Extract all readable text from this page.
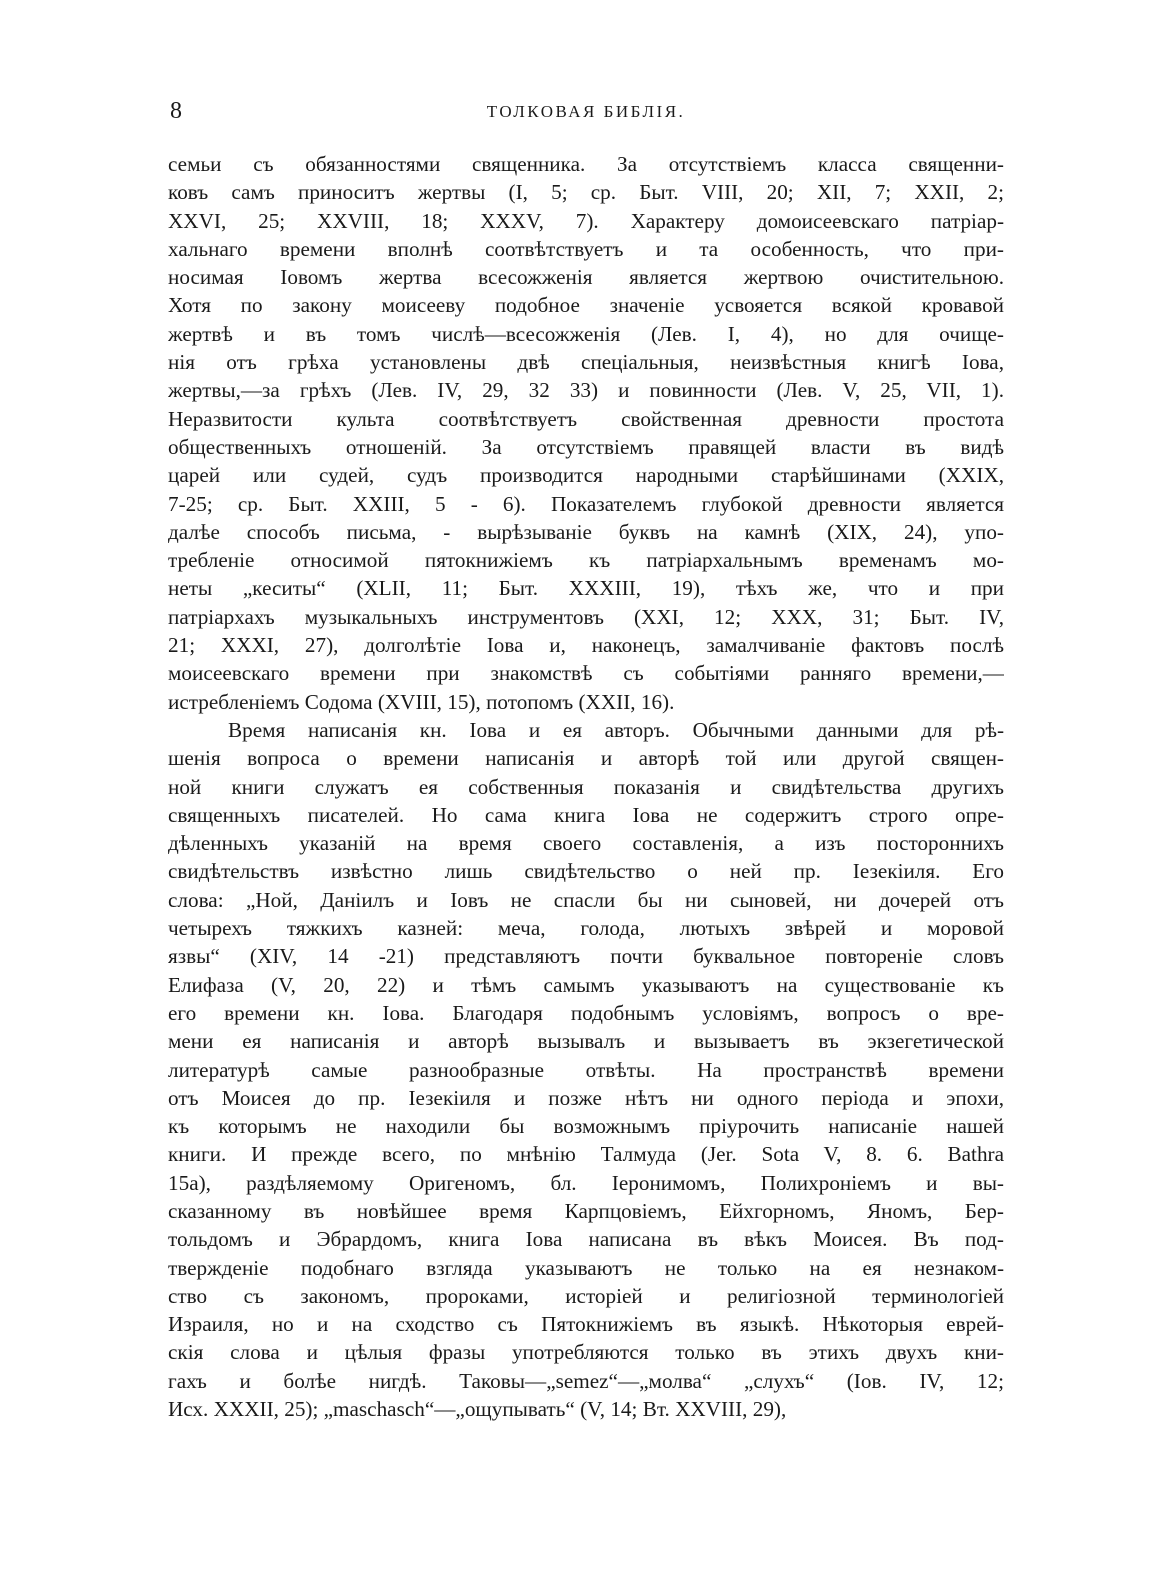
8	ТОЛКОВАЯ БИБЛІЯ.
семьи съ обязанностями священника. За отсутствіемъ класса священни-
ковъ самъ приноситъ жертвы (I, 5; ср. Быт. VIII, 20; XII, 7; XXII, 2;
XXVI, 25; XXVIII, 18; XXXV, 7). Характеру домоисеевскаго патріар-
хальнаго времени вполнѣ соотвѣтствуетъ и та особенность, что при-
носимая Іовомъ жертва всесожженія является жертвою очистительною.
Хотя по закону моисееву подобное значеніе усвояется всякой кровавой
жертвѣ и въ томъ числѣ—всесожженія (Лев. I, 4), но для очище-
нія отъ грѣха установлены двѣ спеціальныя, неизвѣстныя книгѣ Іова,
жертвы,—за грѣхъ (Лев. IV, 29, 32 33) и повинности (Лев. V, 25, VII, 1).
Неразвитости культа соотвѣтствуетъ свойственная древности простота
общественныхъ отношеній. За отсутствіемъ правящей власти въ видѣ
царей или судей, судъ производится народными старѣйшинами (XXIX,
7-25; ср. Быт. XXIII, 5 - 6). Показателемъ глубокой древности является
далѣе способъ письма, - вырѣзываніе буквъ на камнѣ (XIX, 24), упо-
требленіе относимой пятокнижіемъ къ патріархальнымъ временамъ мо-
неты „кеситы“ (XLII, 11; Быт. XXXIII, 19), тѣхъ же, что и при
патріархахъ музыкальныхъ инструментовъ (XXI, 12; XXX, 31; Быт. IV,
21; XXXI, 27), долголѣтіе Іова и, наконецъ, замалчиваніе фактовъ послѣ
моисеевскаго времени при знакомствѣ съ событіями ранняго времени,—
истребленіемъ Содома (XVIII, 15), потопомъ (XXII, 16).
Время написанія кн. Іова и ея авторъ. Обычными данными для рѣ-
шенія вопроса о времени написанія и авторѣ той или другой священ-
ной книги служатъ ея собственныя показанія и свидѣтельства другихъ
священныхъ писателей. Но сама книга Іова не содержитъ строго опре-
дѣленныхъ указаній на время своего составленія, а изъ постороннихъ
свидѣтельствъ извѣстно лишь свидѣтельство о ней пр. Іезекіиля. Его
слова: „Ной, Даніилъ и Іовъ не спасли бы ни сыновей, ни дочерей отъ
четырехъ тяжкихъ казней: меча, голода, лютыхъ звѣрей и моровой
язвы“ (XIV, 14 -21) представляютъ почти буквальное повтореніе словъ
Елифаза (V, 20, 22) и тѣмъ самымъ указываютъ на существованіе къ
его времени кн. Іова. Благодаря подобнымъ условіямъ, вопросъ о вре-
мени ея написанія и авторѣ вызывалъ и вызываетъ въ экзегетической
литературѣ самые разнообразные отвѣты. На пространствѣ времени
отъ Моисея до пр. Іезекіиля и позже нѣтъ ни одного періода и эпохи,
къ которымъ не находили бы возможнымъ пріурочить написаніе нашей
книги. И прежде всего, по мнѣнію Талмуда (Jer. Sota V, 8. 6. Bathra
15a), раздѣляемому Оригеномъ, бл. Іеронимомъ, Полихроніемъ и вы-
сказанному въ новѣйшее время Карпцовіемъ, Ейхгорномъ, Яномъ, Бер-
тольдомъ и Эбрардомъ, книга Іова написана въ вѣкъ Моисея. Въ под-
твержденіе подобнаго взгляда указываютъ не только на ея незнаком-
ство съ закономъ, пророками, исторіей и религіозной терминологіей
Израиля, но и на сходство съ Пятокнижіемъ въ языкѣ. Нѣкоторыя еврей-
скія слова и цѣлыя фразы употребляются только въ этихъ двухъ кни-
гахъ и болѣе нигдѣ. Таковы—„semez“—„молва“ „слухъ“ (Іов. IV, 12;
Исх. XXXII, 25); „maschasch“—„ощупывать“ (V, 14; Вт. XXVIII, 29),
